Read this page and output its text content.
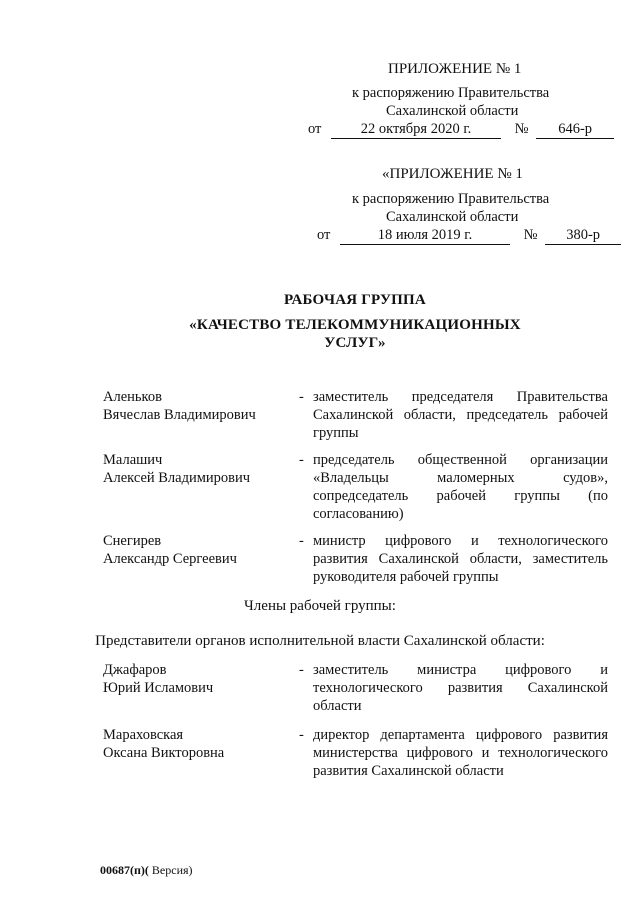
ПРИЛОЖЕНИЕ № 1
к распоряжению Правительства
Сахалинской области
от	22 октября 2020 г.	№ 646-р
«ПРИЛОЖЕНИЕ № 1
к распоряжению Правительства
Сахалинской области
от	18 июля 2019 г.	№ 380-р
РАБОЧАЯ ГРУППА
«КАЧЕСТВО ТЕЛЕКОММУНИКАЦИОННЫХ
УСЛУГ»
Аленьков
Вячеслав Владимирович
- заместитель председателя Правительства Сахалинской области, председатель рабочей группы
Малашич
Алексей Владимирович
- председатель общественной организации «Владельцы маломерных судов», сопредседатель рабочей группы (по согласованию)
Снегирев
Александр Сергеевич
- министр цифрового и технологического развития Сахалинской области, заместитель руководителя рабочей группы
Члены рабочей группы:
Представители органов исполнительной власти Сахалинской области:
Джафаров
Юрий Исламович
- заместитель министра цифрового и технологического развития Сахалинской области
Мараховская
Оксана Викторовна
- директор департамента цифрового развития министерства цифрового и технологического развития Сахалинской области
00687(п)( Версия)
